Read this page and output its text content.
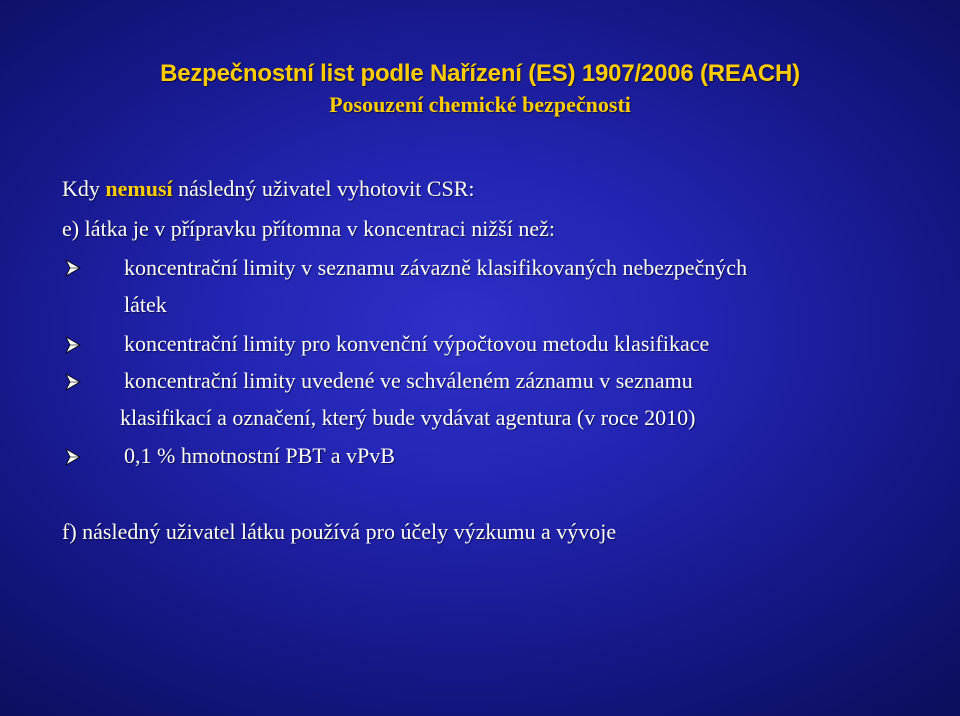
Bezpečnostní list podle Nařízení (ES) 1907/2006 (REACH)
Posouzení chemické bezpečnosti
Kdy nemusí následný uživatel vyhotovit CSR:
e) látka je v přípravku přítomna v koncentraci nižší než:
koncentrační limity v seznamu závazně klasifikovaných nebezpečných
látek
koncentrační limity pro konvenční výpočtovou metodu klasifikace
koncentrační limity uvedené ve schváleném záznamu v seznamu
klasifikací a označení, který bude vydávat agentura (v roce 2010)
0,1 % hmotnostní PBT a vPvB
f) následný uživatel látku používá pro účely výzkumu a vývoje
